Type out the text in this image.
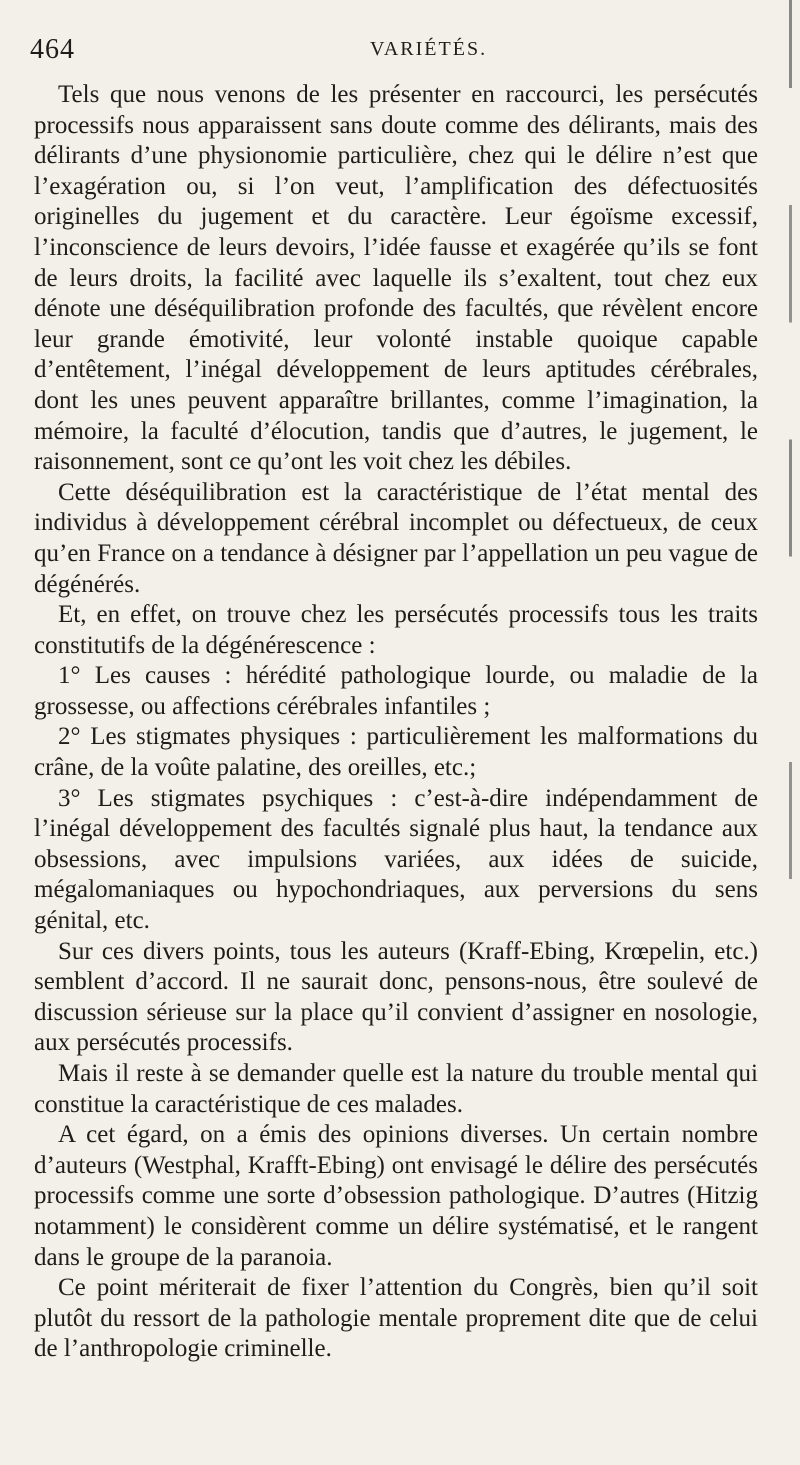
464	VARIÉTÉS.

Tels que nous venons de les présenter en raccourci, les persécutés processifs nous apparaissent sans doute comme des délirants, mais des délirants d’une physionomie particulière, chez qui le délire n’est que l’exagération ou, si l’on veut, l’amplification des défectuosités originelles du jugement et du caractère. Leur égoïsme excessif, l’inconscience de leurs devoirs, l’idée fausse et exagérée qu’ils se font de leurs droits, la facilité avec laquelle ils s’exaltent, tout chez eux dénote une déséquilibration profonde des facultés, que révèlent encore leur grande émotivité, leur volonté instable quoique capable d’entêtement, l’inégal développement de leurs aptitudes cérébrales, dont les unes peuvent apparaître brillantes, comme l’imagination, la mémoire, la faculté d’élocution, tandis que d’autres, le jugement, le raisonnement, sont ce qu’ont les voit chez les débiles.

Cette déséquilibration est la caractéristique de l’état mental des individus à développement cérébral incomplet ou défectueux, de ceux qu’en France on a tendance à désigner par l’appellation un peu vague de dégénérés.

Et, en effet, on trouve chez les persécutés processifs tous les traits constitutifs de la dégénérescence :

1° Les causes : hérédité pathologique lourde, ou maladie de la grossesse, ou affections cérébrales infantiles ;

2° Les stigmates physiques : particulièrement les malformations du crâne, de la voûte palatine, des oreilles, etc.;

3° Les stigmates psychiques : c’est-à-dire indépendamment de l’inégal développement des facultés signalé plus haut, la tendance aux obsessions, avec impulsions variées, aux idées de suicide, mégalomaniaques ou hypochondriaques, aux perversions du sens génital, etc.

Sur ces divers points, tous les auteurs (Kraff-Ebing, Krœpelin, etc.) semblent d’accord. Il ne saurait donc, pensons-nous, être soulevé de discussion sérieuse sur la place qu’il convient d’assigner en nosologie, aux persécutés processifs.

Mais il reste à se demander quelle est la nature du trouble mental qui constitue la caractéristique de ces malades.

A cet égard, on a émis des opinions diverses. Un certain nombre d’auteurs (Westphal, Krafft-Ebing) ont envisagé le délire des persécutés processifs comme une sorte d’obsession pathologique. D’autres (Hitzig notamment) le considèrent comme un délire systématisé, et le rangent dans le groupe de la paranoia.

Ce point mériterait de fixer l’attention du Congrès, bien qu’il soit plutôt du ressort de la pathologie mentale proprement dite que de celui de l’anthropologie criminelle.
